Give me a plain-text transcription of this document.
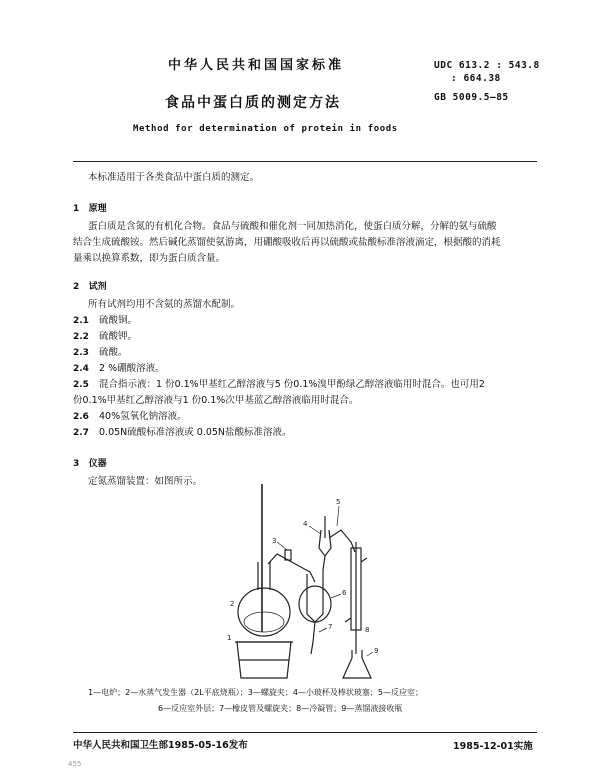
中华人民共和国国家标准	UDC 613.2 : 543.8
: 664.38
GB 5009.5—85
食品中蛋白质的测定方法
Method for determination of protein in foods
本标准适用于各类食品中蛋白质的测定。
1 原理
蛋白质是含氮的有机化合物。食品与硫酸和催化剂一同加热消化，使蛋白质分解，分解的氨与硫酸
结合生成硫酸铵。然后碱化蒸馏使氨游离，用硼酸吸收后再以硫酸或盐酸标准溶液滴定，根据酸的消耗
量乘以换算系数，即为蛋白质含量。
2 试剂
所有试剂均用不含氨的蒸馏水配制。
2.1	硫酸铜。
2.2	硫酸钾。
2.3	硫酸。
2.4	2 %硼酸溶液。
2.5	混合指示液：1 份0.1%甲基红乙醇溶液与5 份0.1%溴甲酚绿乙醇溶液临用时混合。也可用2
份0.1%甲基红乙醇溶液与1 份0.1%次甲基蓝乙醇溶液临用时混合。
2.6	40%氢氧化钠溶液。
2.7	0.05N硫酸标准溶液或 0.05N盐酸标准溶液。
3 仪器
定氮蒸馏装置：如图所示。
1
2
3
4
5
6
7	8
9
1—电炉；2—水蒸气发生器（2L平底烧瓶）；3—螺旋夹；4—小玻杯及棒状玻塞；5—反应室；
6—反应室外层；7—橡皮管及螺旋夹；8—冷凝管；9—蒸馏液接收瓶
中华人民共和国卫生部1985-05-16发布	1985-12-01实施
455
